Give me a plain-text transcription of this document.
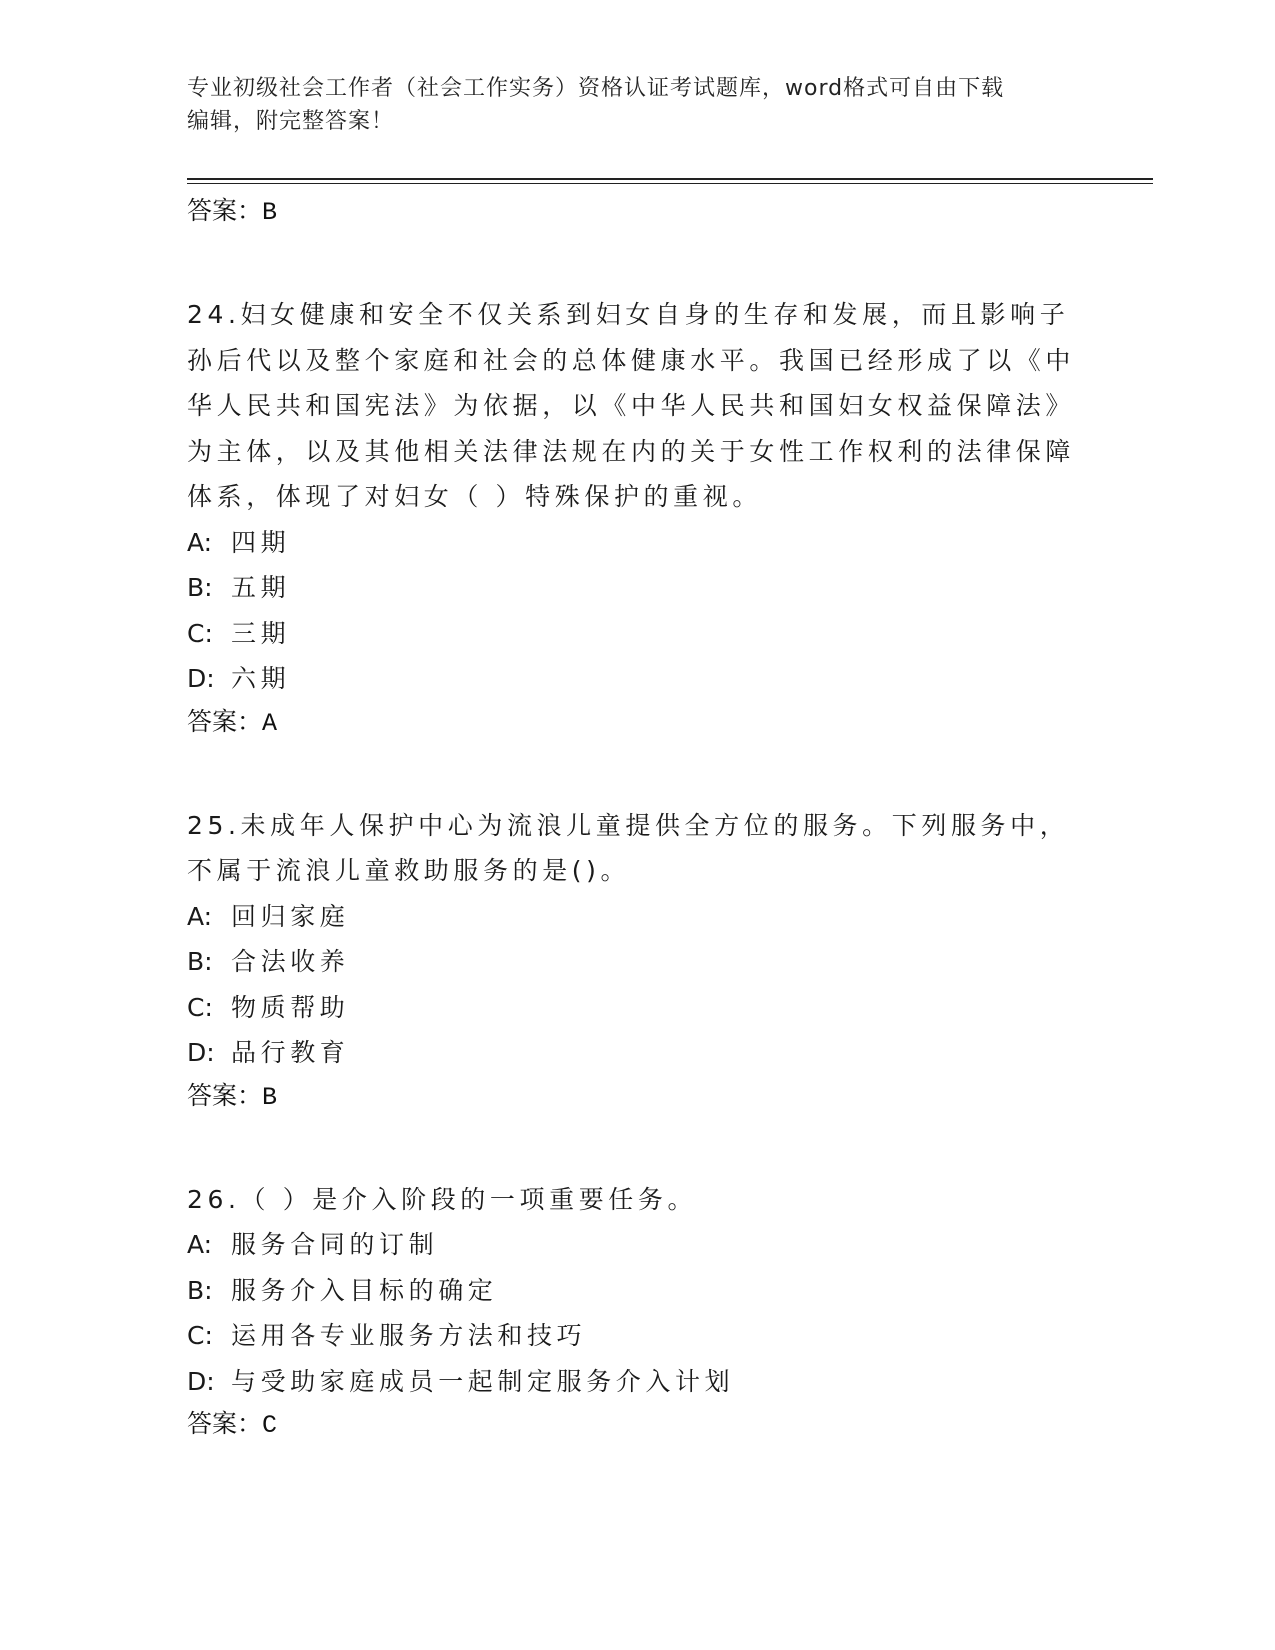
专业初级社会工作者（社会工作实务）资格认证考试题库，word格式可自由下载
编辑，附完整答案！
答案：B
24.妇女健康和安全不仅关系到妇女自身的生存和发展，而且影响子孙后代以及整个家庭和社会的总体健康水平。我国已经形成了以《中华人民共和国宪法》为依据，以《中华人民共和国妇女权益保障法》为主体，以及其他相关法律法规在内的关于女性工作权利的法律保障体系，体现了对妇女（ ）特殊保护的重视。
A: 四期
B: 五期
C: 三期
D: 六期
答案：A
25.未成年人保护中心为流浪儿童提供全方位的服务。下列服务中，不属于流浪儿童救助服务的是()。
A: 回归家庭
B: 合法收养
C: 物质帮助
D: 品行教育
答案：B
26.（ ）是介入阶段的一项重要任务。
A: 服务合同的订制
B: 服务介入目标的确定
C: 运用各专业服务方法和技巧
D: 与受助家庭成员一起制定服务介入计划
答案：C
